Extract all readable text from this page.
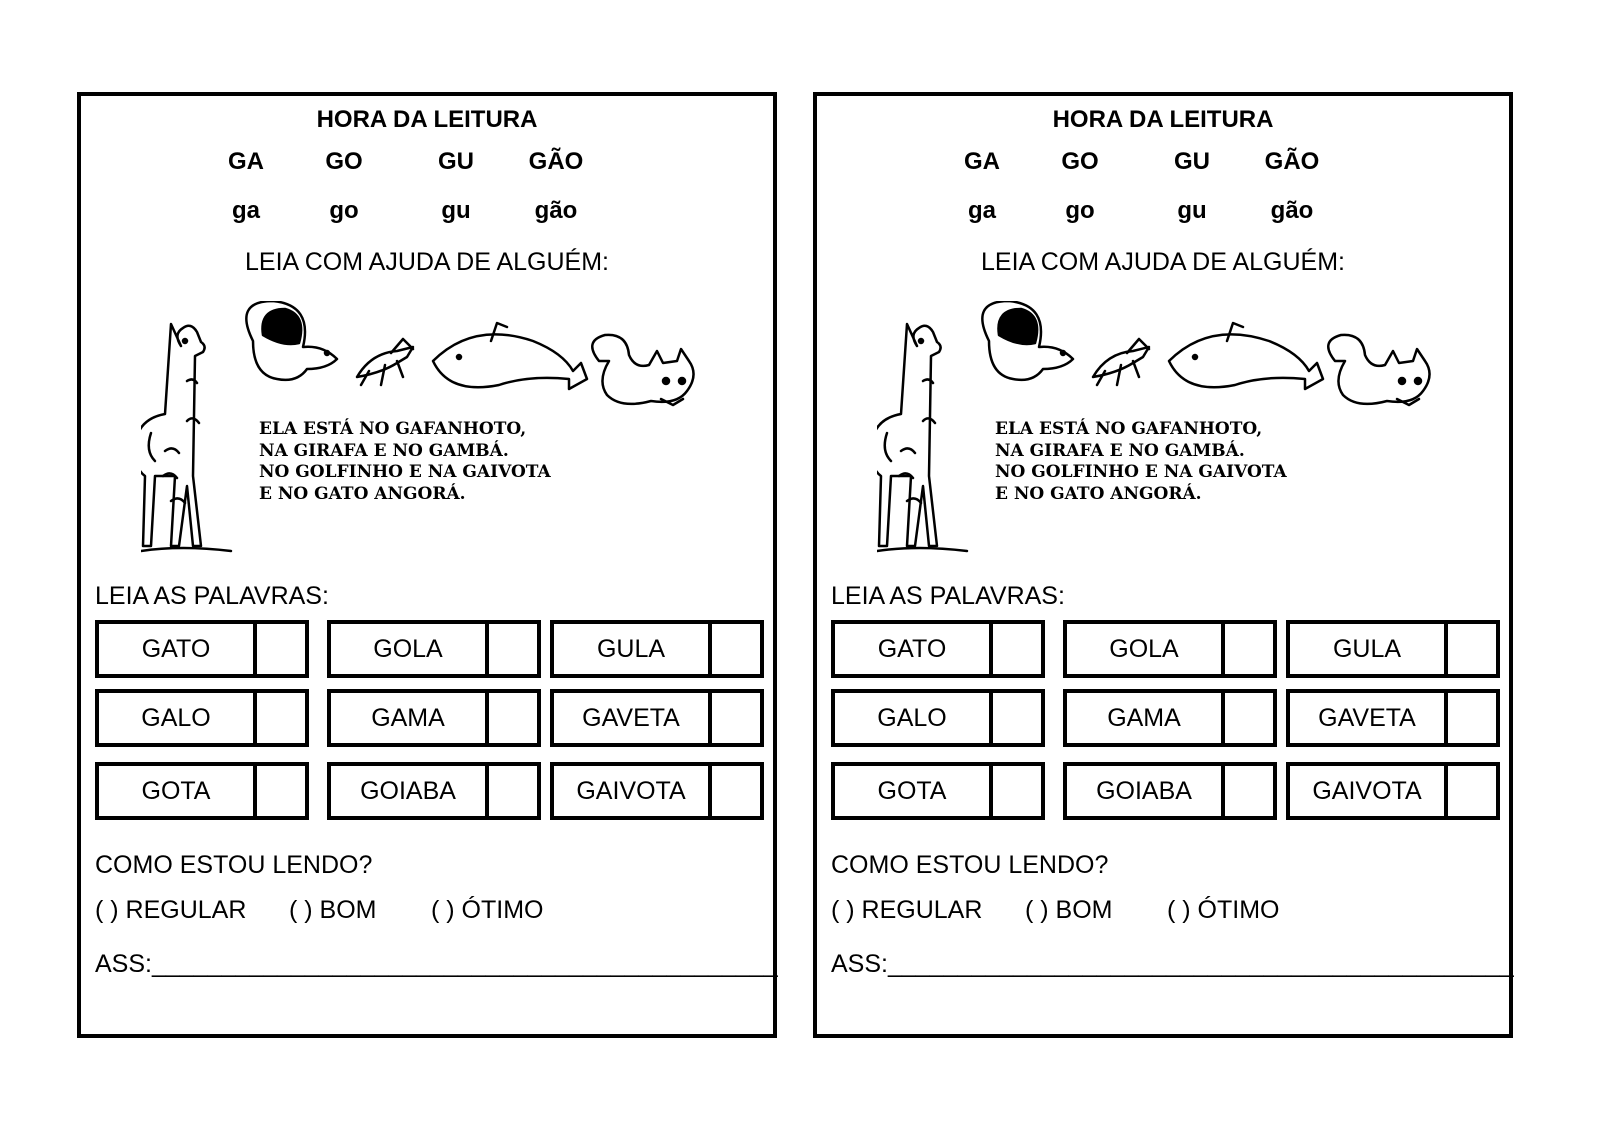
HORA DA LEITURA
GA	GO	GU	GÃO
ga	go	gu	gão
LEIA COM AJUDA DE ALGUÉM:
ELA ESTÁ NO GAFANHOTO,
NA GIRAFA E NO GAMBÁ.
NO GOLFINHO E NA GAIVOTA
E NO GATO ANGORÁ.
LEIA AS PALAVRAS:
GATO	GOLA	GULA
GALO	GAMA	GAVETA
GOTA	GOIABA	GAIVOTA
COMO ESTOU LENDO?
( ) REGULAR ( ) BOM ( ) ÓTIMO
ASS:_____________________________________________
HORA DA LEITURA
GA	GO	GU	GÃO
ga	go	gu	gão
LEIA COM AJUDA DE ALGUÉM:
ELA ESTÁ NO GAFANHOTO,
NA GIRAFA E NO GAMBÁ.
NO GOLFINHO E NA GAIVOTA
E NO GATO ANGORÁ.
LEIA AS PALAVRAS:
GATO	GOLA	GULA
GALO	GAMA	GAVETA
GOTA	GOIABA	GAIVOTA
COMO ESTOU LENDO?
( ) REGULAR ( ) BOM ( ) ÓTIMO
ASS:_____________________________________________
